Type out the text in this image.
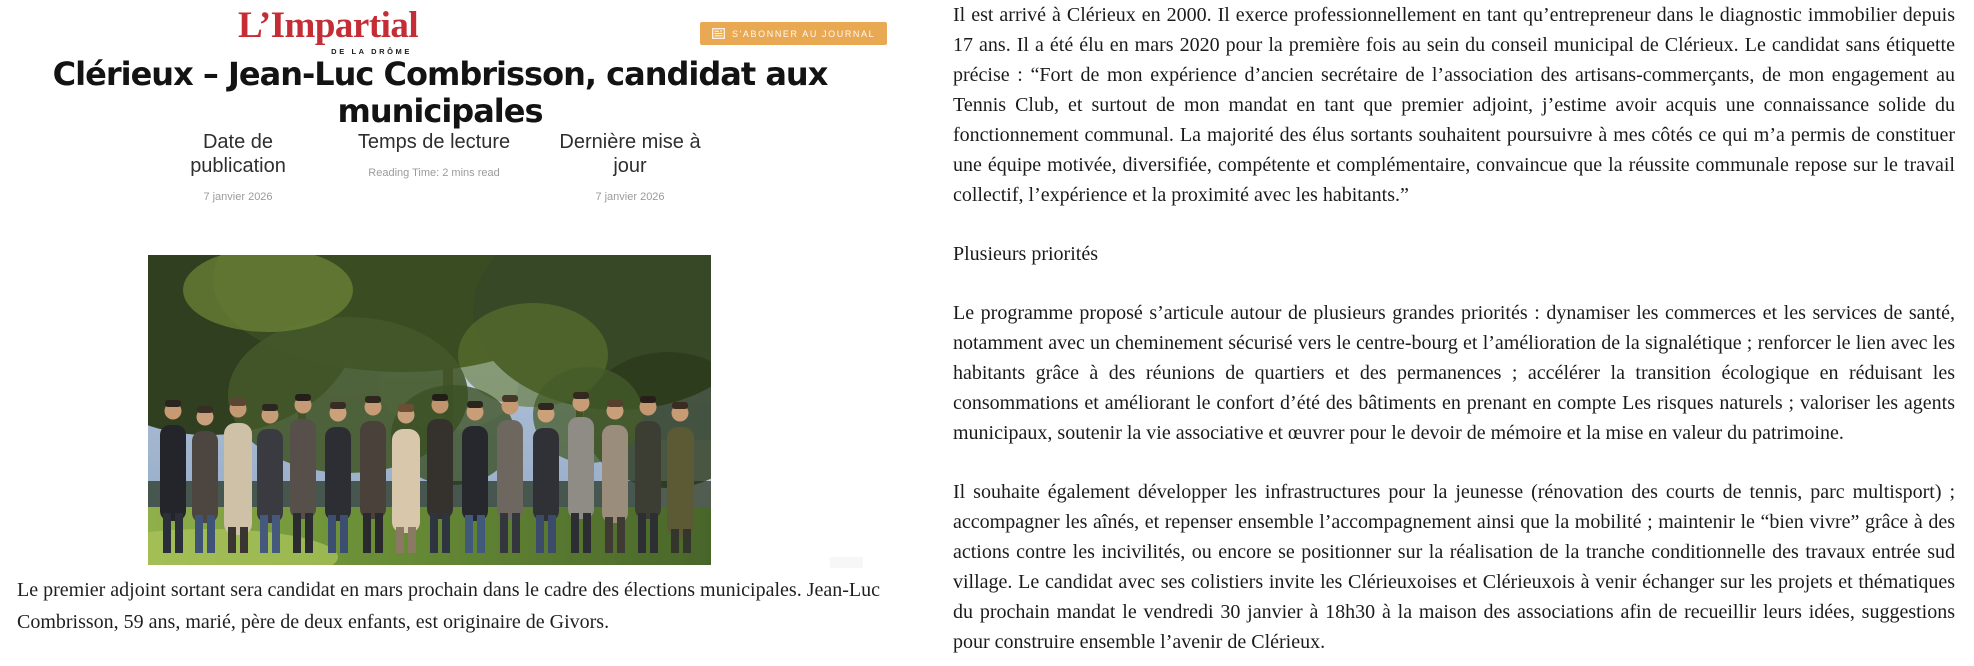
L’Impartial
DE LA DRÔME
S'ABONNER AU JOURNAL
Clérieux – Jean-Luc Combrisson, candidat aux municipales
Date de publication
7 janvier 2026
Temps de lecture
Reading Time: 2 mins read
Dernière mise à jour
7 janvier 2026

Le premier adjoint sortant sera candidat en mars prochain dans le cadre des élections municipales. Jean-Luc Combrisson, 59 ans, marié, père de deux enfants, est originaire de Givors.

Il est arrivé à Clérieux en 2000. Il exerce professionnellement en tant qu’entrepreneur dans le diagnostic immobilier depuis 17 ans. Il a été élu en mars 2020 pour la première fois au sein du conseil municipal de Clérieux. Le candidat sans étiquette précise : “Fort de mon expérience d’ancien secrétaire de l’association des artisans-commerçants, de mon engagement au Tennis Club, et surtout de mon mandat en tant que premier adjoint, j’estime avoir acquis une connaissance solide du fonctionnement communal. La majorité des élus sortants souhaitent poursuivre à mes côtés ce qui m’a permis de constituer une équipe motivée, diversifiée, compétente et complémentaire, convaincue que la réussite communale repose sur le travail collectif, l’expérience et la proximité avec les habitants.”

Plusieurs priorités

Le programme proposé s’articule autour de plusieurs grandes priorités : dynamiser les commerces et les services de santé, notamment avec un cheminement sécurisé vers le centre-bourg et l’amélioration de la signalétique ; renforcer le lien avec les habitants grâce à des réunions de quartiers et des permanences ; accélérer la transition écologique en réduisant les consommations et améliorant le confort d’été des bâtiments en prenant en compte Les risques naturels ; valoriser les agents municipaux, soutenir la vie associative et œuvrer pour le devoir de mémoire et la mise en valeur du patrimoine.

Il souhaite également développer les infrastructures pour la jeunesse (rénovation des courts de tennis, parc multisport) ; accompagner les aînés, et repenser ensemble l’accompagnement ainsi que la mobilité ; maintenir le “bien vivre” grâce à des actions contre les incivilités, ou encore se positionner sur la réalisation de la tranche conditionnelle des travaux entrée sud village. Le candidat avec ses colistiers invite les Clérieuxoises et Clérieuxois à venir échanger sur les projets et thématiques du prochain mandat le vendredi 30 janvier à 18h30 à la maison des associations afin de recueillir leurs idées, suggestions pour construire ensemble l’avenir de Clérieux.
